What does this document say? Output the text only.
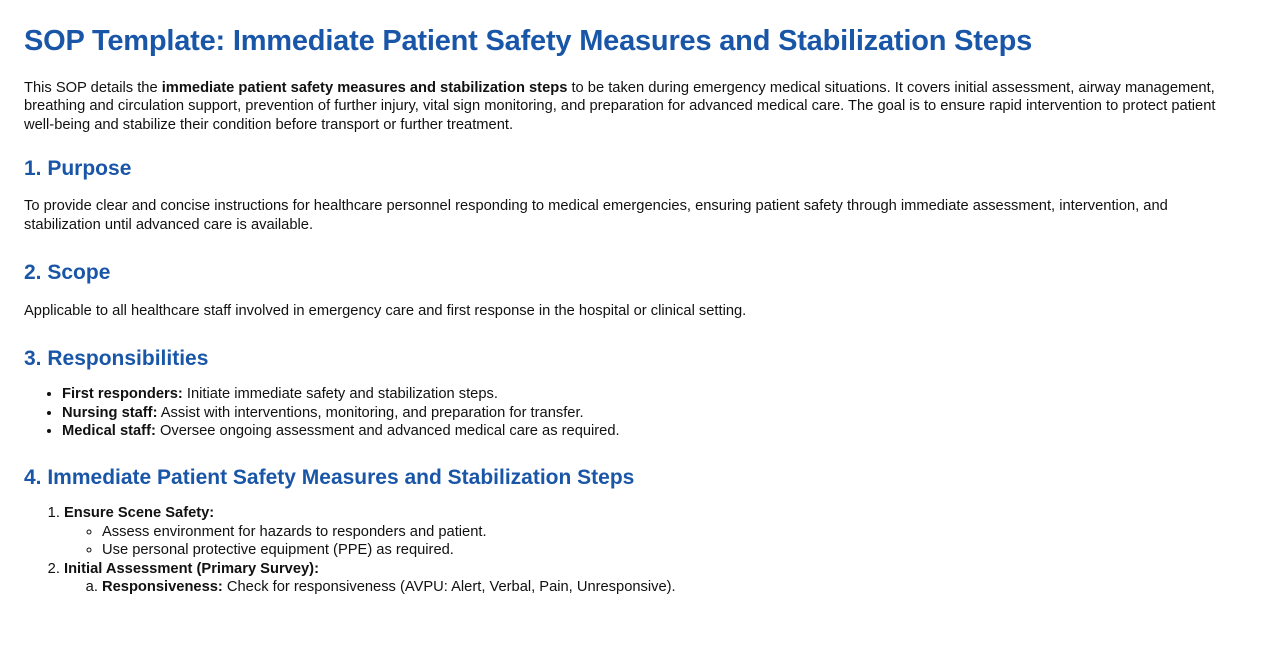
SOP Template: Immediate Patient Safety Measures and Stabilization Steps

This SOP details the immediate patient safety measures and stabilization steps to be taken during emergency medical situations. It covers initial assessment, airway management, breathing and circulation support, prevention of further injury, vital sign monitoring, and preparation for advanced medical care. The goal is to ensure rapid intervention to protect patient well-being and stabilize their condition before transport or further treatment.

1. Purpose

To provide clear and concise instructions for healthcare personnel responding to medical emergencies, ensuring patient safety through immediate assessment, intervention, and stabilization until advanced care is available.

2. Scope

Applicable to all healthcare staff involved in emergency care and first response in the hospital or clinical setting.

3. Responsibilities
• First responders: Initiate immediate safety and stabilization steps.
• Nursing staff: Assist with interventions, monitoring, and preparation for transfer.
• Medical staff: Oversee ongoing assessment and advanced medical care as required.
4. Immediate Patient Safety Measures and Stabilization Steps
1. Ensure Scene Safety:
◦ Assess environment for hazards to responders and patient.
◦ Use personal protective equipment (PPE) as required.
2. Initial Assessment (Primary Survey):
a. Responsiveness: Check for responsiveness (AVPU: Alert, Verbal, Pain, Unresponsive).
